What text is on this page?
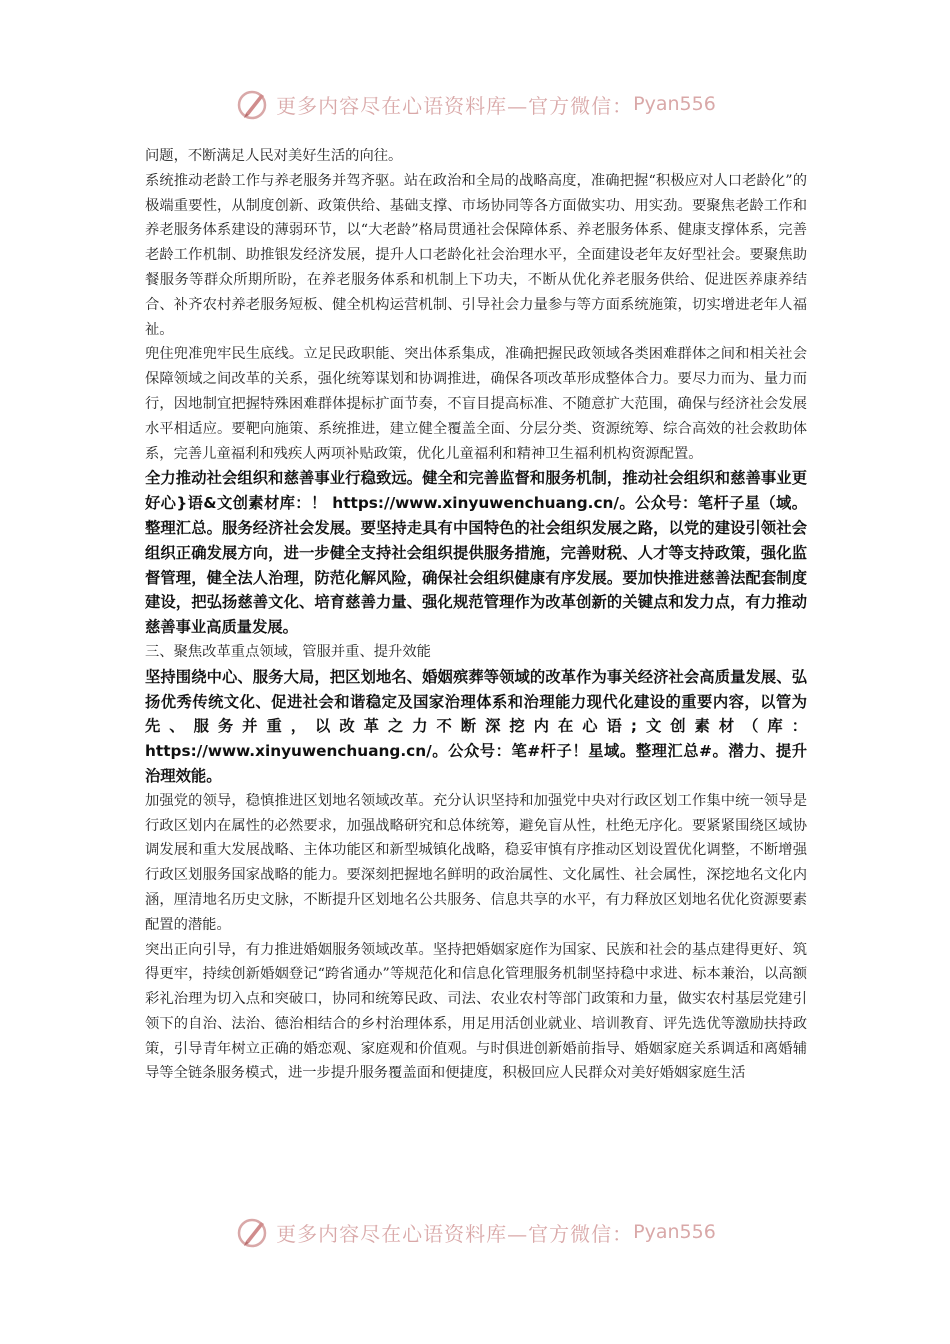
更多内容尽在心语资料库—官方微信： Pyan556

问题，不断满足人民对美好生活的向往。

系统推动老龄工作与养老服务并驾齐驱。站在政治和全局的战略高度，准确把握“积极应对人口老龄化”的极端重要性，从制度创新、政策供给、基础支撑、市场协同等各方面做实功、用实劲。要聚焦老龄工作和养老服务体系建设的薄弱环节，以“大老龄”格局贯通社会保障体系、养老服务体系、健康支撑体系，完善老龄工作机制、助推银发经济发展，提升人口老龄化社会治理水平，全面建设老年友好型社会。要聚焦助餐服务等群众所期所盼，在养老服务体系和机制上下功夫，不断从优化养老服务供给、促进医养康养结合、补齐农村养老服务短板、健全机构运营机制、引导社会力量参与等方面系统施策，切实增进老年人福祉。

兜住兜准兜牢民生底线。立足民政职能、突出体系集成，准确把握民政领域各类困难群体之间和相关社会保障领域之间改革的关系，强化统筹谋划和协调推进，确保各项改革形成整体合力。要尽力而为、量力而行，因地制宜把握特殊困难群体提标扩面节奏，不盲目提高标准、不随意扩大范围，确保与经济社会发展水平相适应。要靶向施策、系统推进，建立健全覆盖全面、分层分类、资源统筹、综合高效的社会救助体系，完善儿童福利和残疾人两项补贴政策，优化儿童福利和精神卫生福利机构资源配置。

全力推动社会组织和慈善事业行稳致远。健全和完善监督和服务机制，推动社会组织和慈善事业更好心}语&文创素材库：！ https://www.xinyuwenchuang.cn/。公众号：笔杆子星（域。整理汇总。服务经济社会发展。要坚持走具有中国特色的社会组织发展之路，以党的建设引领社会组织正确发展方向，进一步健全支持社会组织提供服务措施，完善财税、人才等支持政策，强化监督管理，健全法人治理，防范化解风险，确保社会组织健康有序发展。要加快推进慈善法配套制度建设，把弘扬慈善文化、培育慈善力量、强化规范管理作为改革创新的关键点和发力点，有力推动慈善事业高质量发展。

三、聚焦改革重点领域，管服并重、提升效能

坚持围绕中心、服务大局，把区划地名、婚姻殡葬等领域的改革作为事关经济社会高质量发展、弘扬优秀传统文化、促进社会和谐稳定及国家治理体系和治理能力现代化建设的重要内容，以管为先、服务并重，以改革之力不断深挖内在心语;文创素材（库：https://www.xinyuwenchuang.cn/。公众号：笔#杆子！星域。整理汇总#。潜力、提升治理效能。

加强党的领导，稳慎推进区划地名领域改革。充分认识坚持和加强党中央对行政区划工作集中统一领导是行政区划内在属性的必然要求，加强战略研究和总体统筹，避免盲从性，杜绝无序化。要紧紧围绕区域协调发展和重大发展战略、主体功能区和新型城镇化战略，稳妥审慎有序推动区划设置优化调整，不断增强行政区划服务国家战略的能力。要深刻把握地名鲜明的政治属性、文化属性、社会属性，深挖地名文化内涵，厘清地名历史文脉，不断提升区划地名公共服务、信息共享的水平，有力释放区划地名优化资源要素配置的潜能。

突出正向引导，有力推进婚姻服务领域改革。坚持把婚姻家庭作为国家、民族和社会的基点建得更好、筑得更牢，持续创新婚姻登记“跨省通办”等规范化和信息化管理服务机制坚持稳中求进、标本兼治，以高额彩礼治理为切入点和突破口，协同和统筹民政、司法、农业农村等部门政策和力量，做实农村基层党建引领下的自治、法治、德治相结合的乡村治理体系，用足用活创业就业、培训教育、评先选优等激励扶持政策，引导青年树立正确的婚恋观、家庭观和价值观。与时俱进创新婚前指导、婚姻家庭关系调适和离婚辅导等全链条服务模式，进一步提升服务覆盖面和便捷度，积极回应人民群众对美好婚姻家庭生活

更多内容尽在心语资料库—官方微信： Pyan556
